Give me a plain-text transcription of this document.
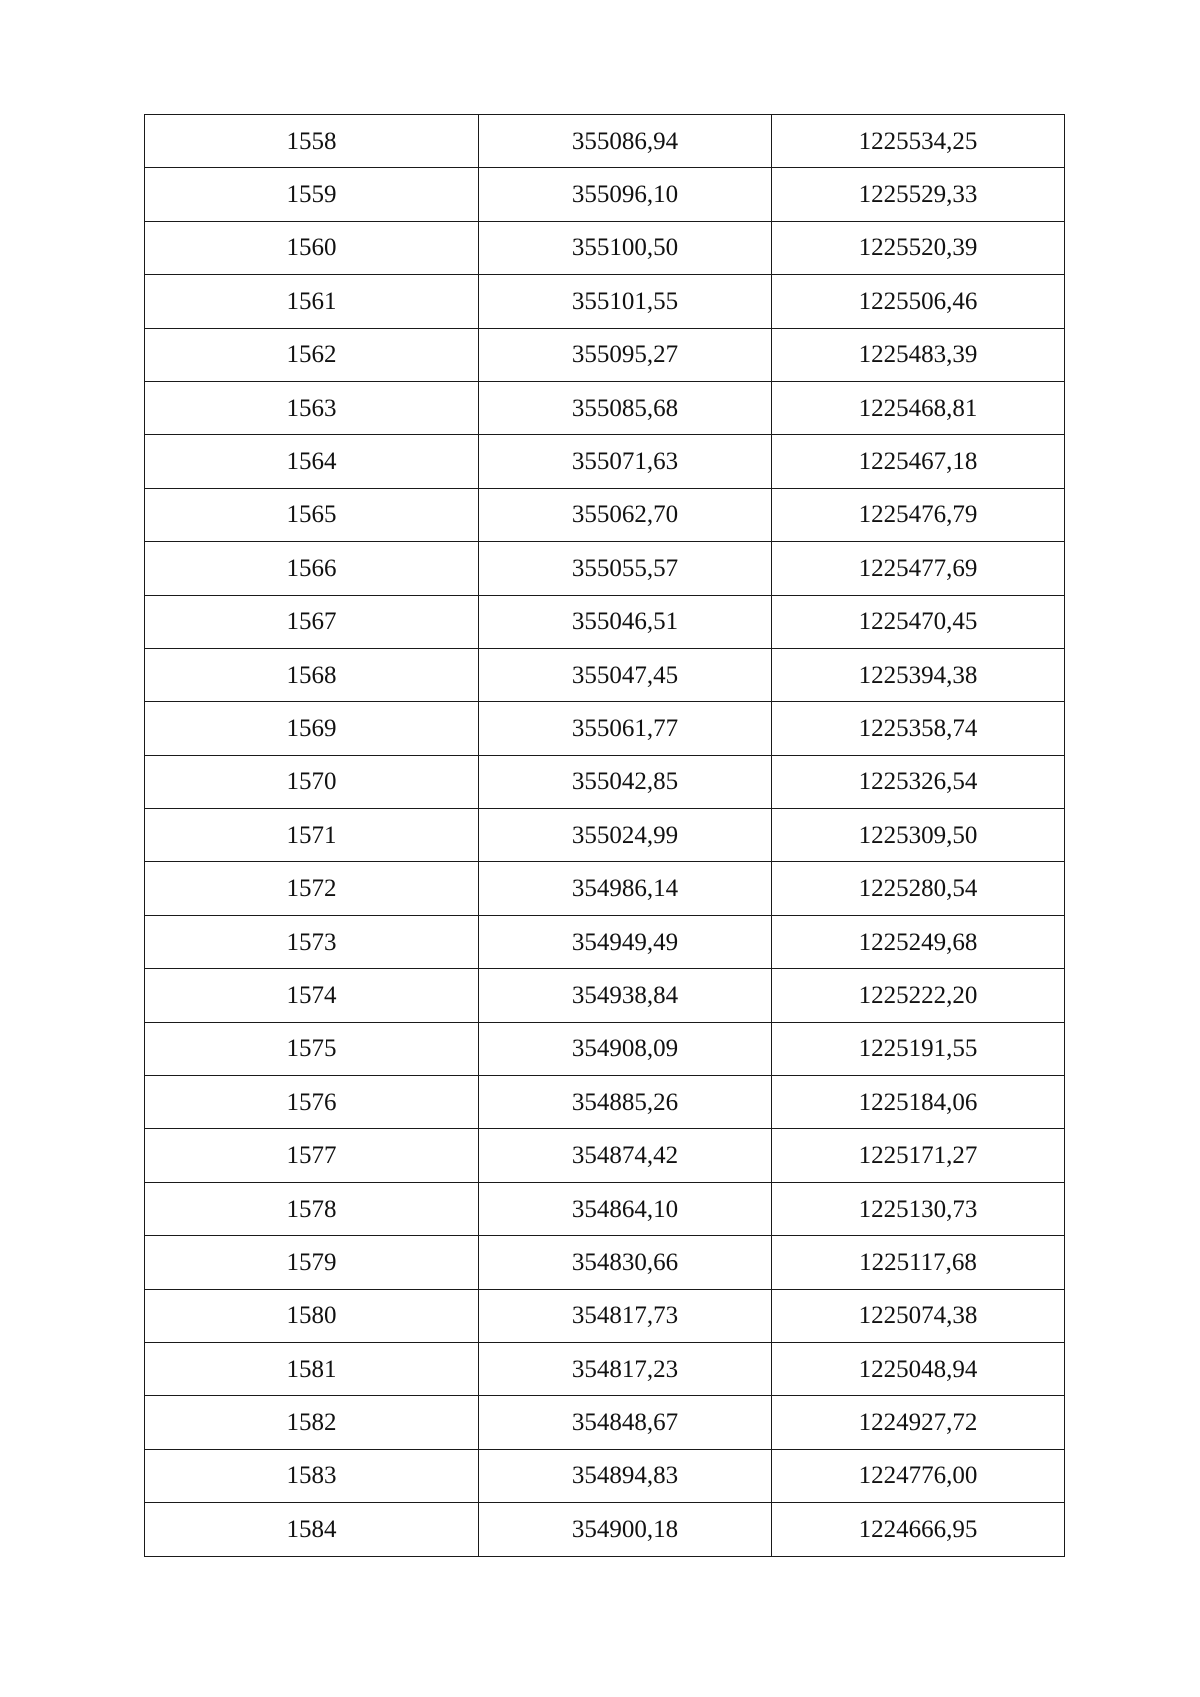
1558	355086,94	1225534,25
1559	355096,10	1225529,33
1560	355100,50	1225520,39
1561	355101,55	1225506,46
1562	355095,27	1225483,39
1563	355085,68	1225468,81
1564	355071,63	1225467,18
1565	355062,70	1225476,79
1566	355055,57	1225477,69
1567	355046,51	1225470,45
1568	355047,45	1225394,38
1569	355061,77	1225358,74
1570	355042,85	1225326,54
1571	355024,99	1225309,50
1572	354986,14	1225280,54
1573	354949,49	1225249,68
1574	354938,84	1225222,20
1575	354908,09	1225191,55
1576	354885,26	1225184,06
1577	354874,42	1225171,27
1578	354864,10	1225130,73
1579	354830,66	1225117,68
1580	354817,73	1225074,38
1581	354817,23	1225048,94
1582	354848,67	1224927,72
1583	354894,83	1224776,00
1584	354900,18	1224666,95
